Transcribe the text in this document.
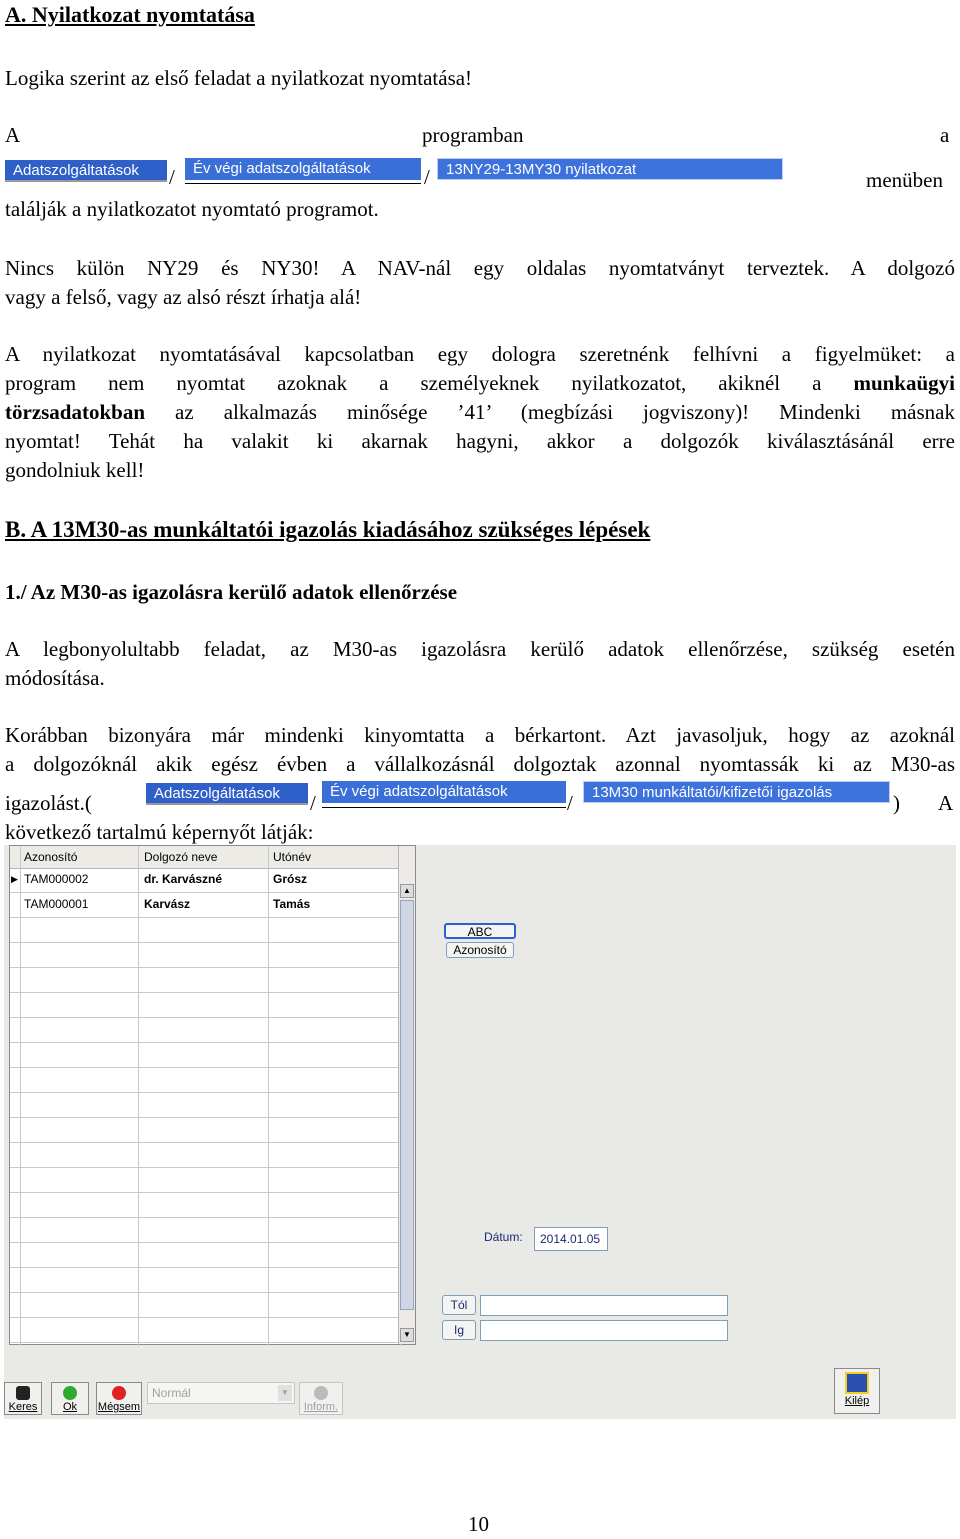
A. Nyilatkozat nyomtatása
Logika szerint az első feladat a nyilatkozat nyomtatása!
A	programban	a
Adatszolgáltatások	/	Év végi adatszolgáltatások	/	13NY29-13MY30 nyilatkozat	menüben
találják a nyilatkozatot nyomtató programot.
Nincs külön NY29 és NY30! A NAV-nál egy oldalas nyomtatványt terveztek. A dolgozó
vagy a felső, vagy az alsó részt írhatja alá!
A nyilatkozat nyomtatásával kapcsolatban egy dologra szeretnénk felhívni a figyelmüket: a
program nem nyomtat azoknak a személyeknek nyilatkozatot, akiknél a munkaügyi
törzsadatokban az alkalmazás minősége ’41’ (megbízási jogviszony)! Mindenki másnak
nyomtat! Tehát ha valakit ki akarnak hagyni, akkor a dolgozók kiválasztásánál erre
gondolniuk kell!
B. A 13M30-as munkáltatói igazolás kiadásához szükséges lépések
1./ Az M30-as igazolásra kerülő adatok ellenőrzése
A legbonyolultabb feladat, az M30-as igazolásra kerülő adatok ellenőrzése, szükség esetén
módosítása.
Korábban bizonyára már mindenki kinyomtatta a bérkartont. Azt javasoljuk, hogy az azoknál
a dolgozóknál akik egész évben a vállalkozásnál dolgoztak azonnal nyomtassák ki az M30-as
igazolást.(	Adatszolgáltatások	/ Év végi adatszolgáltatások	/	13M30 munkáltatói/kifizetői igazolás	) A
következő tartalmú képernyőt látják:
Azonosító	Dolgozó neve	Utónév
▶ TAM000002	dr. Karvászné	Grósz
TAM000001	Karvász	Tamás
▲
▼
ABC
Azonosító
Dátum:	2014.01.05
Tól
Ig
Keres	Ok	Mégsem
Normál	▼
Inform.	Kilép
10
